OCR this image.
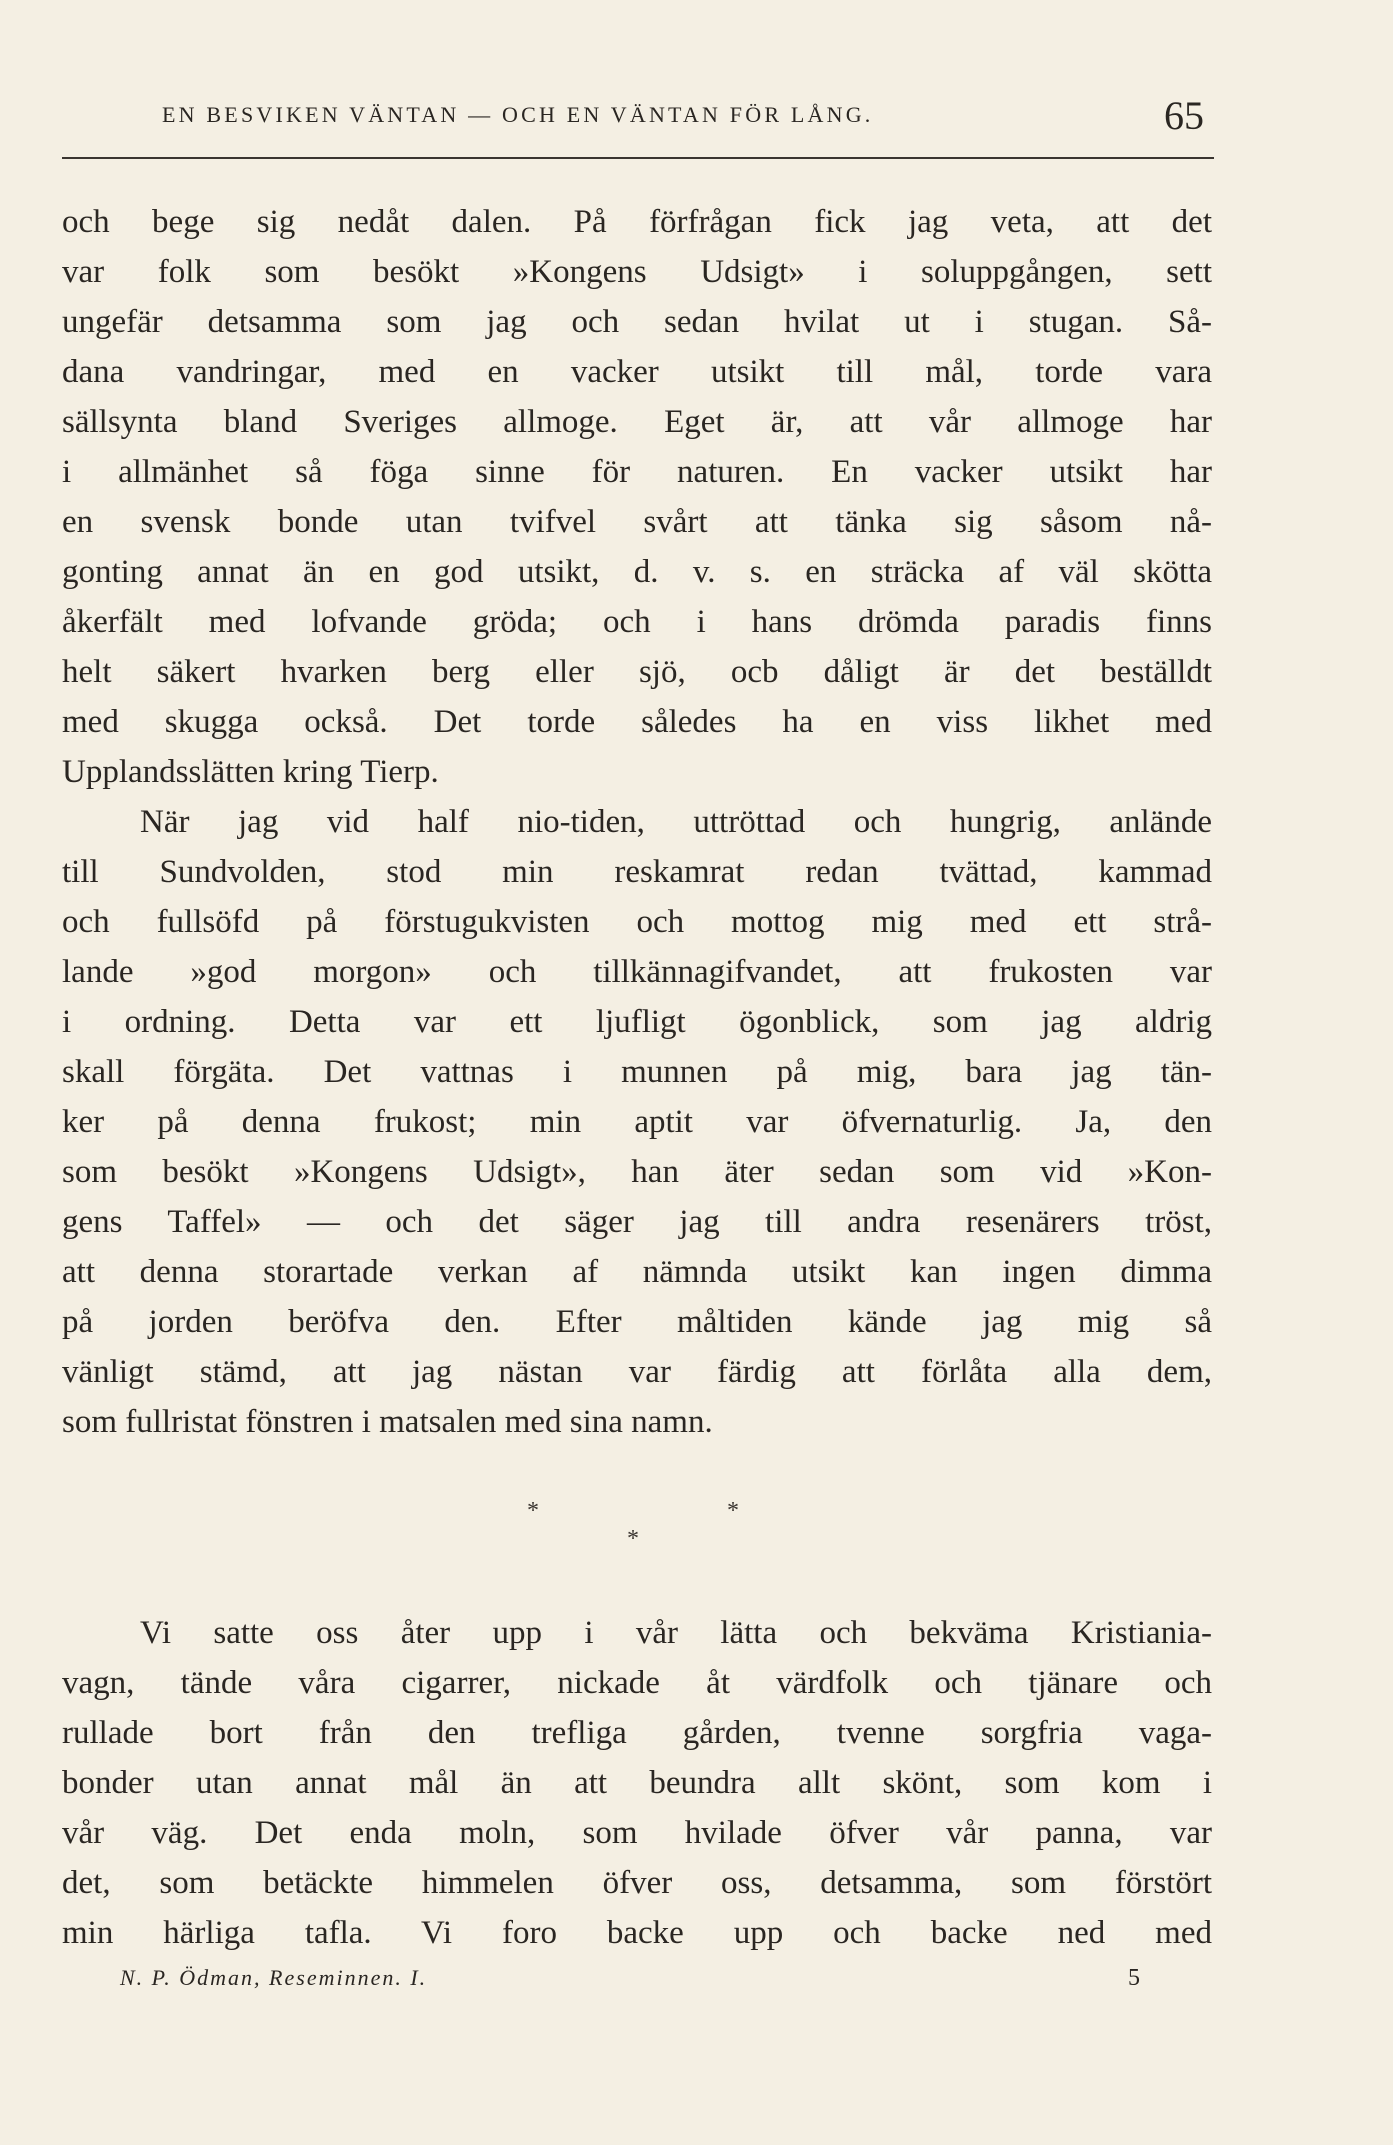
EN BESVIKEN VÄNTAN — OCH EN VÄNTAN FÖR LÅNG.	65
och bege sig nedåt dalen. På förfrågan fick jag veta, att det
var folk som besökt »Kongens Udsigt» i soluppgången, sett
ungefär detsamma som jag och sedan hvilat ut i stugan. Så-
dana vandringar, med en vacker utsikt till mål, torde vara
sällsynta bland Sveriges allmoge. Eget är, att vår allmoge har
i allmänhet så föga sinne för naturen. En vacker utsikt har
en svensk bonde utan tvifvel svårt att tänka sig såsom nå-
gonting annat än en god utsikt, d. v. s. en sträcka af väl skötta
åkerfält med lofvande gröda; och i hans drömda paradis finns
helt säkert hvarken berg eller sjö, ocb dåligt är det beställdt
med skugga också. Det torde således ha en viss likhet med
Upplandsslätten kring Tierp.
När jag vid half nio-tiden, uttröttad och hungrig, anlände
till Sundvolden, stod min reskamrat redan tvättad, kammad
och fullsöfd på förstugukvisten och mottog mig med ett strå-
lande »god morgon» och tillkännagifvandet, att frukosten var
i ordning. Detta var ett ljufligt ögonblick, som jag aldrig
skall förgäta. Det vattnas i munnen på mig, bara jag tän-
ker på denna frukost; min aptit var öfvernaturlig. Ja, den
som besökt »Kongens Udsigt», han äter sedan som vid »Kon-
gens Taffel» — och det säger jag till andra resenärers tröst,
att denna storartade verkan af nämnda utsikt kan ingen dimma
på jorden beröfva den. Efter måltiden kände jag mig så
vänligt stämd, att jag nästan var färdig att förlåta alla dem,
som fullristat fönstren i matsalen med sina namn.
*	*
*
Vi satte oss åter upp i vår lätta och bekväma Kristiania-
vagn, tände våra cigarrer, nickade åt värdfolk och tjänare och
rullade bort från den trefliga gården, tvenne sorgfria vaga-
bonder utan annat mål än att beundra allt skönt, som kom i
vår väg. Det enda moln, som hvilade öfver vår panna, var
det, som betäckte himmelen öfver oss, detsamma, som förstört
min härliga tafla. Vi foro backe upp och backe ned med
N. P. Ödman, Reseminnen. I.	5
